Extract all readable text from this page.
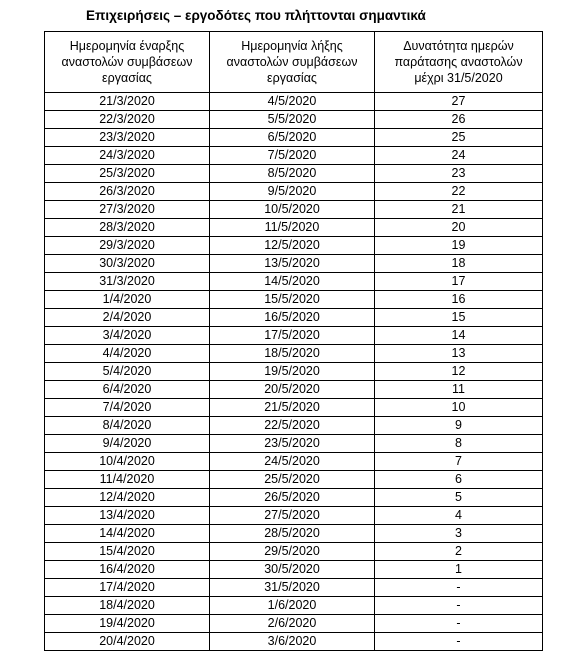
Επιχειρήσεις – εργοδότες που πλήττονται σημαντικά
Ημερομηνία έναρξης αναστολών συμβάσεων εργασίας	Ημερομηνία λήξης αναστολών συμβάσεων εργασίας	Δυνατότητα ημερών παράτασης αναστολών μέχρι 31/5/2020
21/3/2020	4/5/2020	27
22/3/2020	5/5/2020	26
23/3/2020	6/5/2020	25
24/3/2020	7/5/2020	24
25/3/2020	8/5/2020	23
26/3/2020	9/5/2020	22
27/3/2020	10/5/2020	21
28/3/2020	11/5/2020	20
29/3/2020	12/5/2020	19
30/3/2020	13/5/2020	18
31/3/2020	14/5/2020	17
1/4/2020	15/5/2020	16
2/4/2020	16/5/2020	15
3/4/2020	17/5/2020	14
4/4/2020	18/5/2020	13
5/4/2020	19/5/2020	12
6/4/2020	20/5/2020	11
7/4/2020	21/5/2020	10
8/4/2020	22/5/2020	9
9/4/2020	23/5/2020	8
10/4/2020	24/5/2020	7
11/4/2020	25/5/2020	6
12/4/2020	26/5/2020	5
13/4/2020	27/5/2020	4
14/4/2020	28/5/2020	3
15/4/2020	29/5/2020	2
16/4/2020	30/5/2020	1
17/4/2020	31/5/2020	-
18/4/2020	1/6/2020	-
19/4/2020	2/6/2020	-
20/4/2020	3/6/2020	-
